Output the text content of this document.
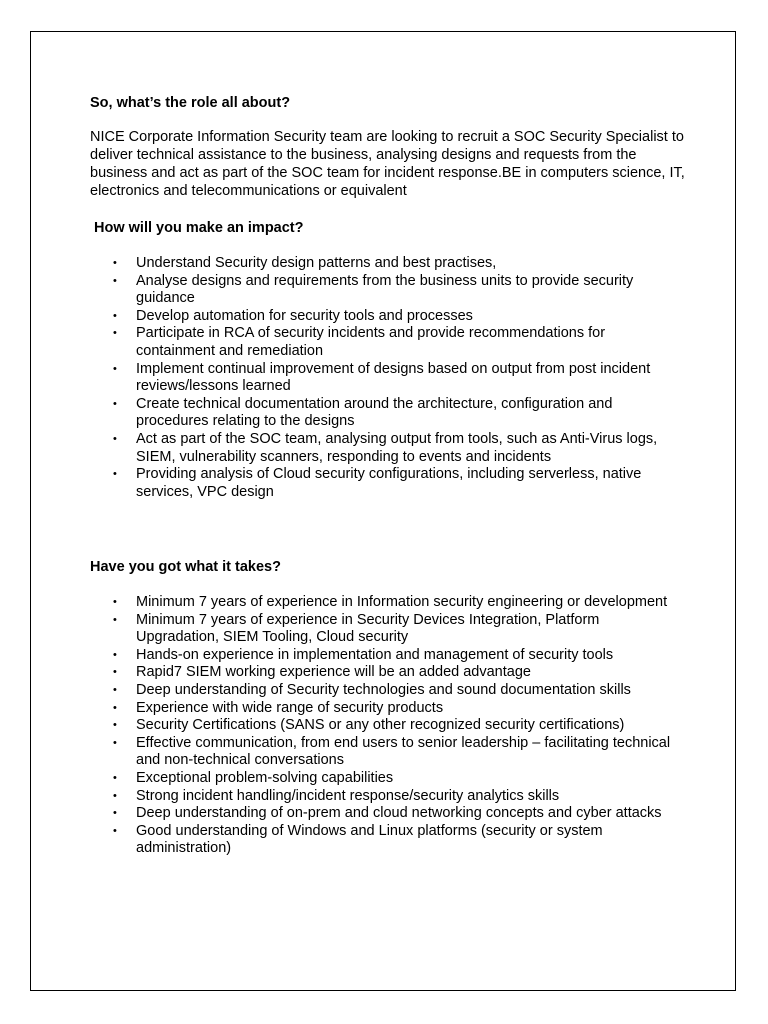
So, what’s the role all about?

NICE Corporate Information Security team are looking to recruit a SOC Security Specialist to deliver technical assistance to the business, analysing designs and requests from the business and act as part of the SOC team for incident response.BE in computers science, IT, electronics and telecommunications or equivalent

How will you make an impact?
• Understand Security design patterns and best practises,
• Analyse designs and requirements from the business units to provide security guidance
• Develop automation for security tools and processes
• Participate in RCA of security incidents and provide recommendations for containment and remediation
• Implement continual improvement of designs based on output from post incident reviews/lessons learned
• Create technical documentation around the architecture, configuration and procedures relating to the designs
• Act as part of the SOC team, analysing output from tools, such as Anti-Virus logs, SIEM, vulnerability scanners, responding to events and incidents
• Providing analysis of Cloud security configurations, including serverless, native services, VPC design
Have you got what it takes?
• Minimum 7 years of experience in Information security engineering or development
• Minimum 7 years of experience in Security Devices Integration, Platform Upgradation, SIEM Tooling, Cloud security
• Hands-on experience in implementation and management of security tools
• Rapid7 SIEM working experience will be an added advantage
• Deep understanding of Security technologies and sound documentation skills
• Experience with wide range of security products
• Security Certifications (SANS or any other recognized security certifications)
• Effective communication, from end users to senior leadership – facilitating technical and non-technical conversations
• Exceptional problem-solving capabilities
• Strong incident handling/incident response/security analytics skills
• Deep understanding of on-prem and cloud networking concepts and cyber attacks
• Good understanding of Windows and Linux platforms (security or system administration)
